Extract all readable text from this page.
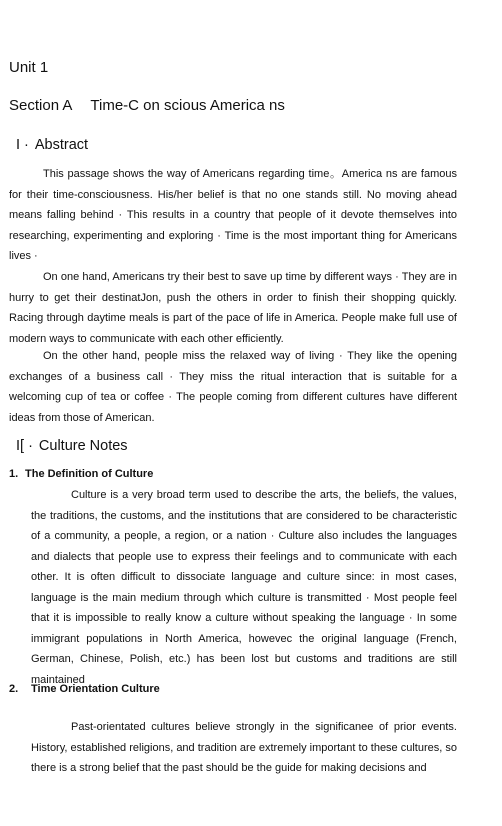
Unit 1
Section A Time-C on scious America ns
I · Abstract

This passage shows the way of Americans regarding time。America ns are famous for their time-consciousness. His/her belief is that no one stands still. No moving ahead means falling behind · This results in a country that people of it devote themselves into researching, experimenting and exploring · Time is the most important thing for Americans lives ·

On one hand, Americans try their best to save up time by different ways · They are in hurry to get their destinatJon, push the others in order to finish their shopping quickly. Racing through daytime meals is part of the pace of life in America. People make full use of modern ways to communicate with each other efficiently.

On the other hand, people miss the relaxed way of living · They like the opening exchanges of a business call · They miss the ritual interaction that is suitable for a welcoming cup of tea or coffee · The people coming from different cultures have different ideas from those of American.

I[ · Culture Notes
1. The Definition of Culture

Culture is a very broad term used to describe the arts, the beliefs, the values, the traditions, the customs, and the institutions that are considered to be characteristic of a community, a people, a region, or a nation · Culture also includes the languages and dialects that people use to express their feelings and to communicate with each other. It is often difficult to dissociate language and culture since: in most cases, language is the main medium through which culture is transmitted · Most people feel that it is impossible to really know a culture without speaking the language · In some immigrant populations in North America, howevec the original language (French, German, Chinese, Polish, etc.) has been lost but customs and traditions are still maintained

2. Time Orientation Culture

Past-orientated cultures believe strongly in the significanee of prior events. History, established religions, and tradition are extremely important to these cultures, so there is a strong belief that the past should be the guide for making decisions and
